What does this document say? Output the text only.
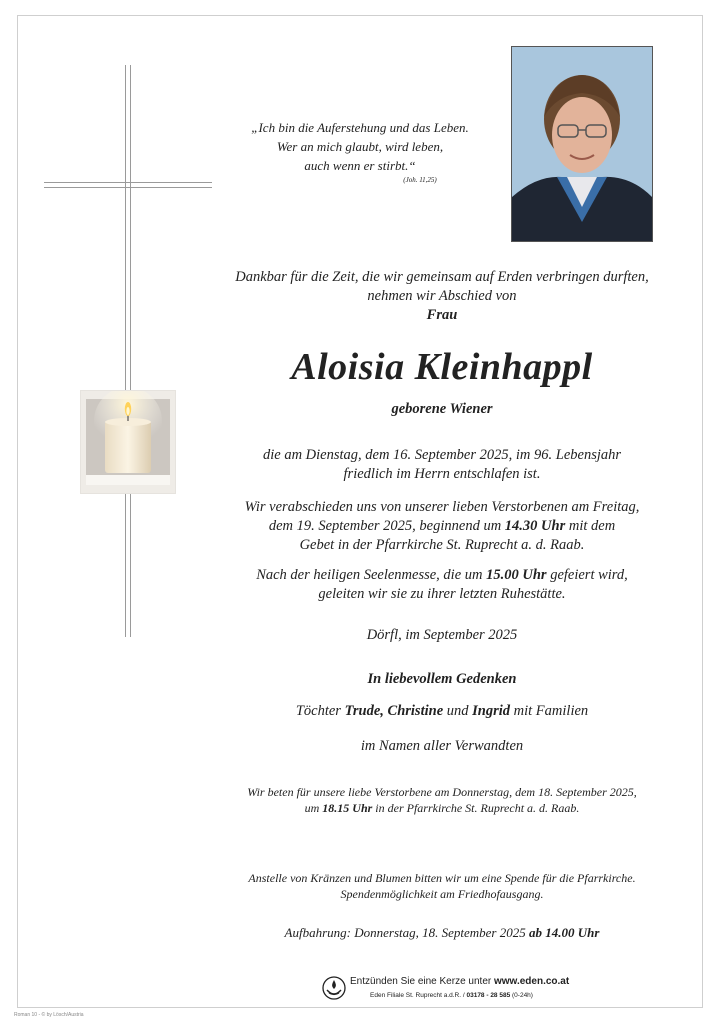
„Ich bin die Auferstehung und das Leben.
Wer an mich glaubt, wird leben,
auch wenn er stirbt.“
(Joh. 11,25)
Dankbar für die Zeit, die wir gemeinsam auf Erden verbringen durften,
nehmen wir Abschied von
Frau
Aloisia Kleinhappl
geborene Wiener
die am Dienstag, dem 16. September 2025, im 96. Lebensjahr
friedlich im Herrn entschlafen ist.
Wir verabschieden uns von unserer lieben Verstorbenen am Freitag,
dem 19. September 2025, beginnend um 14.30 Uhr mit dem
Gebet in der Pfarrkirche St. Ruprecht a. d. Raab.
Nach der heiligen Seelenmesse, die um 15.00 Uhr gefeiert wird,
geleiten wir sie zu ihrer letzten Ruhestätte.
Dörfl, im September 2025
In liebevollem Gedenken
Töchter Trude, Christine und Ingrid mit Familien
im Namen aller Verwandten
Wir beten für unsere liebe Verstorbene am Donnerstag, dem 18. September 2025,
um 18.15 Uhr in der Pfarrkirche St. Ruprecht a. d. Raab.
Anstelle von Kränzen und Blumen bitten wir um eine Spende für die Pfarrkirche.
Spendenmöglichkeit am Friedhofausgang.
Aufbahrung: Donnerstag, 18. September 2025 ab 14.00 Uhr
Entzünden Sie eine Kerze unter www.eden.co.at
Eden Filiale St. Ruprecht a.d.R. / 03178 - 28 585 (0-24h)
Roman 10 - © by Lösch/Austria
